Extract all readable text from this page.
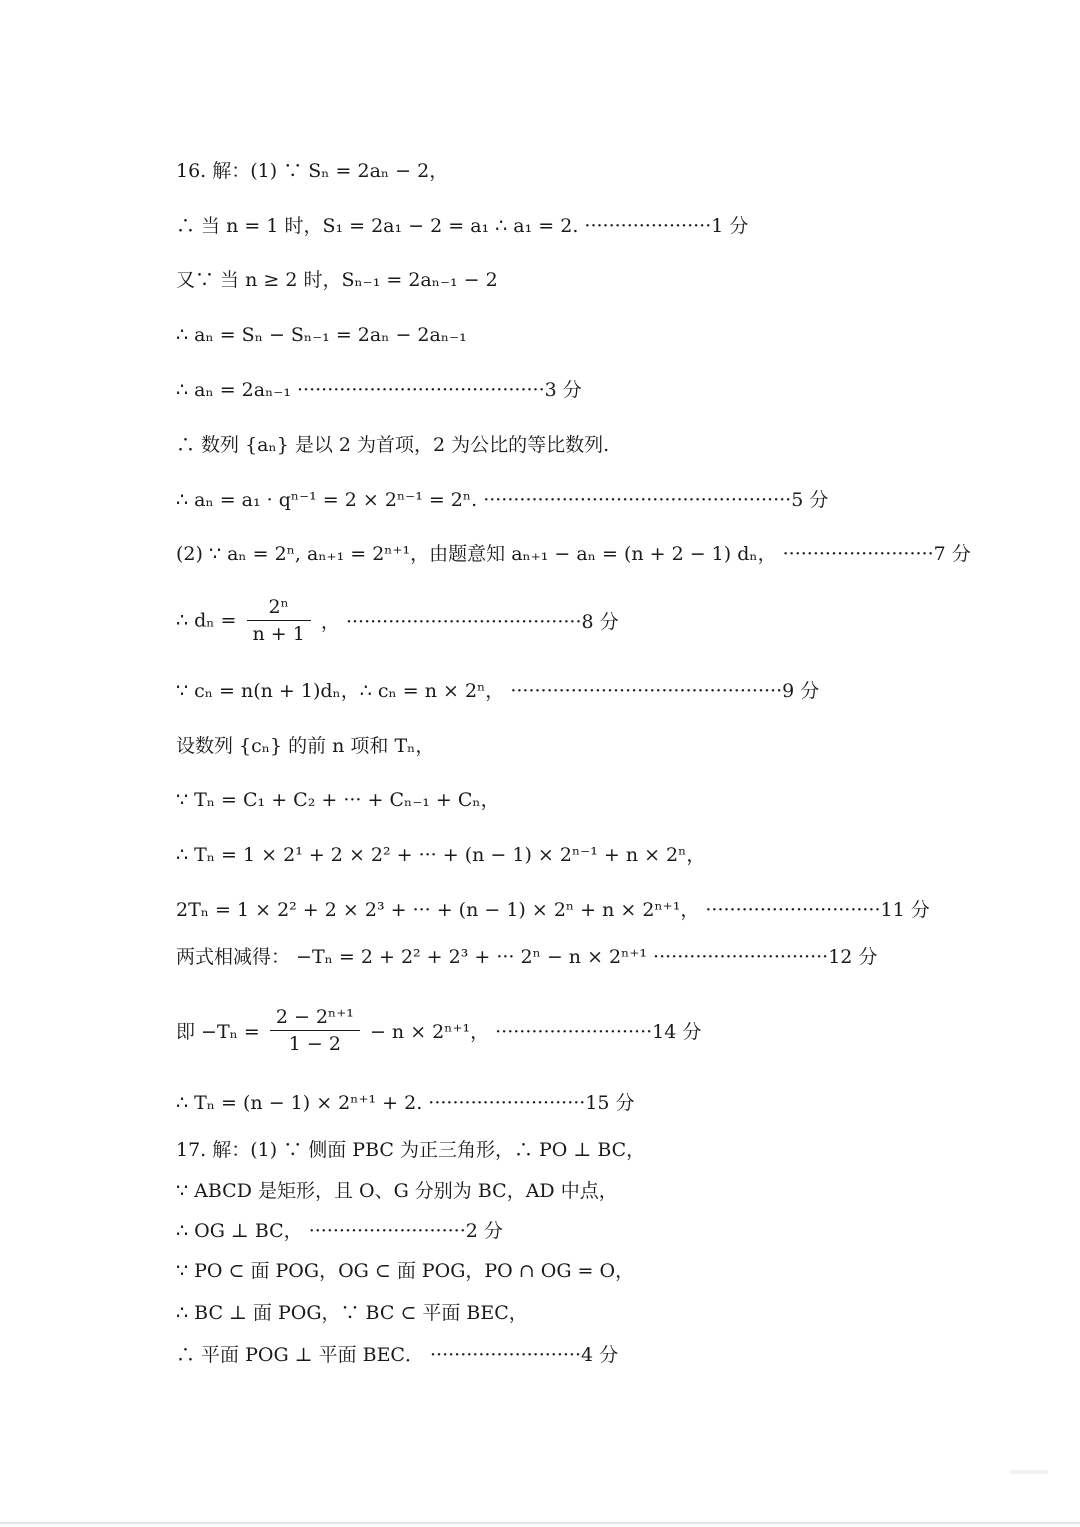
16. 解：(1) ∵ Sₙ = 2aₙ − 2，
∴ 当 n = 1 时，S₁ = 2a₁ − 2 = a₁ ∴ a₁ = 2. ·····················1 分
又∵ 当 n ≥ 2 时，Sₙ₋₁ = 2aₙ₋₁ − 2
∴ aₙ = Sₙ − Sₙ₋₁ = 2aₙ − 2aₙ₋₁
∴ aₙ = 2aₙ₋₁ ·········································3 分
∴ 数列 {aₙ} 是以 2 为首项，2 为公比的等比数列.
∴ aₙ = a₁ · qⁿ⁻¹ = 2 × 2ⁿ⁻¹ = 2ⁿ. ···················································5 分
(2) ∵ aₙ = 2ⁿ, aₙ₊₁ = 2ⁿ⁺¹，由题意知 aₙ₊₁ − aₙ = (n + 2 − 1) dₙ， ·························7 分
∴ $d_n = \frac{\text{2ⁿ}}{n + 1}$ ， ·······································8 分
∵ cₙ = n(n + 1)dₙ，∴ cₙ = n × 2ⁿ， ·············································9 分
设数列 {cₙ} 的前 n 项和 Tₙ，
∵ Tₙ = C₁ + C₂ + ··· + Cₙ₋₁ + Cₙ，
∴ Tₙ = 1 × 2¹ + 2 × 2² + ··· + (n − 1) × 2ⁿ⁻¹ + n × 2ⁿ，
2Tₙ = 1 × 2² + 2 × 2³ + ··· + (n − 1) × 2ⁿ + n × 2ⁿ⁺¹， ·····························11 分
两式相减得： −Tₙ = 2 + 2² + 2³ + ··· 2ⁿ − n × 2ⁿ⁺¹ ·····························12 分
即 $-T_n = \frac{\text{2 − 2ⁿ⁺¹}}{1 - 2} - n \times 2^{n+1}$， ··························14 分
∴ Tₙ = (n − 1) × 2ⁿ⁺¹ + 2. ··························15 分
17. 解：(1) ∵ 侧面 PBC 为正三角形，∴ PO ⊥ BC，
∵ ABCD 是矩形，且 O、G 分别为 BC，AD 中点，
∴ OG ⊥ BC， ··························2 分
∵ PO ⊂ 面 POG，OG ⊂ 面 POG，PO ∩ OG = O，
∴ BC ⊥ 面 POG，∵ BC ⊂ 平面 BEC，
∴ 平面 POG ⊥ 平面 BEC． ·························4 分
